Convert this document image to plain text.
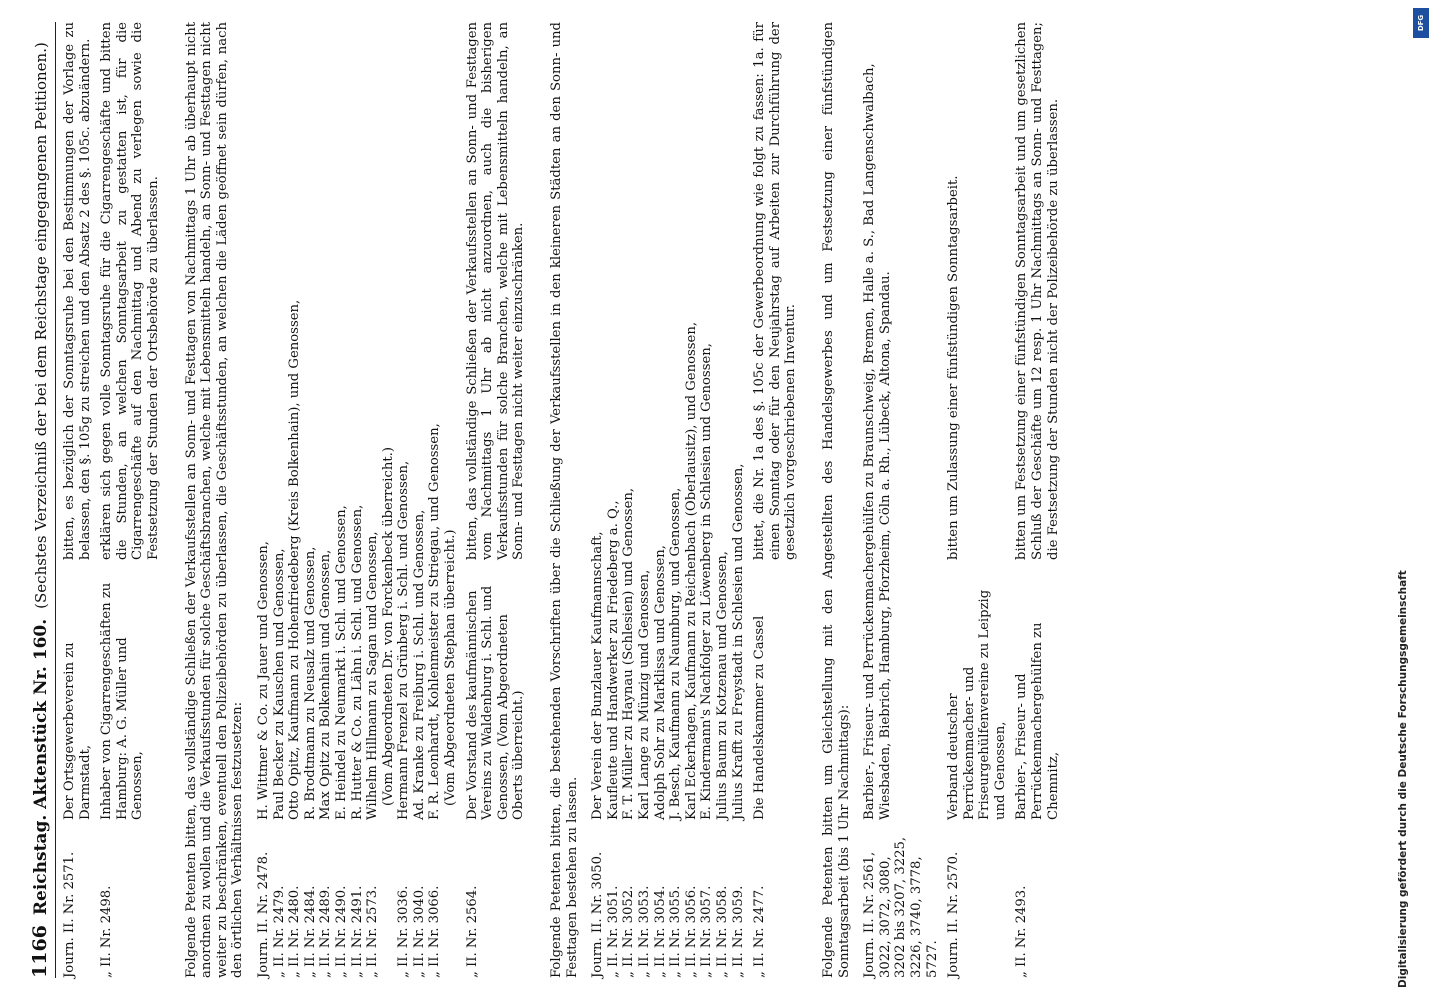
1166
Reichstag. Aktenstück Nr. 160.
(Sechstes Verzeichniß der bei dem Reichstage eingegangenen Petitionen.)
Journ. II. Nr. 2571.
Der Ortsgewerbeverein zu Darmstadt,
bitten, es bezüglich der Sonntagsruhe bei den Bestimmungen der Vorlage zu belassen, den §. 105g zu streichen und den Absatz 2 des §. 105c. abzuändern.
„ II. Nr. 2498.
Inhaber von Cigarrengeschäften zu Hamburg: A. G. Müller und Genossen,
erklären sich gegen volle Sonntagsruhe für die Cigarrengeschäfte und bitten die Stunden, an welchen Sonntagsarbeit zu gestatten ist, für die Cigarrengeschäfte auf den Nachmittag und Abend zu verlegen sowie die Festsetzung der Stunden der Ortsbehörde zu überlassen. Folgende Petenten bitten, das vollständige Schließen der Verkaufsstellen an Sonn- und Festtagen von Nachmittags 1 Uhr ab überhaupt nicht anordnen zu wollen und die Verkaufsstunden für solche Geschäftsbranchen, welche mit Lebensmitteln handeln, an Sonn- und Festtagen nicht weiter zu beschränken, eventuell den Polizeibehörden zu überlassen, die Geschäftsstunden, an welchen die Läden geöffnet sein dürfen, nach den örtlichen Verhältnissen festzusetzen: Journ. II. Nr. 2478.
H. Wittmer & Co. zu Jauer und Genossen,
„ II. Nr. 2479.
Paul Becker zu Kauschen und Genossen,
„ II. Nr. 2480.
Otto Opitz, Kaufmann zu Hohenfriedeberg (Kreis Bolkenhain), und Genossen,
„ II. Nr. 2484.
R. Brodtmann zu Neusalz und Genossen,
„ II. Nr. 2489.
Max Opitz zu Bolkenhain und Genossen,
„ II. Nr. 2490.
E. Heindel zu Neumarkt i. Schl. und Genossen,
„ II. Nr. 2491.
R. Hutter & Co. zu Lähn i. Schl. und Genossen,
„ II. Nr. 2573.
Wilhelm Hillmann zu Sagan und Genossen, (Vom Abgeordneten Dr. von Forckenbeck überreicht.)
„ II. Nr. 3036.
Hermann Frenzel zu Grünberg i. Schl. und Genossen,
„ II. Nr. 3040.
Ad. Kranke zu Freiburg i. Schl. und Genossen,
„ II. Nr. 3066.
F. R. Leonhardt, Kohlenmeister zu Striegau, und Genossen, (Vom Abgeordneten Stephan überreicht.)
„ II. Nr. 2564.
Der Vorstand des kaufmännischen Vereins zu Waldenburg i. Schl. und Genossen, (Vom Abgeordneten Oberts überreicht.)
bitten, das vollständige Schließen der Verkaufsstellen an Sonn- und Festtagen vom Nachmittags 1 Uhr ab nicht anzuordnen, auch die bisherigen Verkaufsstunden für solche Branchen, welche mit Lebensmitteln handeln, an Sonn- und Festtagen nicht weiter einzuschränken. Folgende Petenten bitten, die bestehenden Vorschriften über die Schließung der Verkaufsstellen in den kleineren Städten an den Sonn- und Festtagen bestehen zu lassen. Journ. II. Nr. 3050.
Der Verein der Bunzlauer Kaufmannschaft,
„ II. Nr. 3051.
Kaufleute und Handwerker zu Friedeberg a. Q.,
„ II. Nr. 3052.
F. T. Müller zu Haynau (Schlesien) und Genossen,
„ II. Nr. 3053.
Karl Lange zu Münzig und Genossen,
„ II. Nr. 3054.
Adolph Sohr zu Marklissa und Genossen,
„ II. Nr. 3055.
J. Besch, Kaufmann zu Naumburg, und Genossen,
„ II. Nr. 3056.
Karl Eckerhagen, Kaufmann zu Reichenbach (Oberlausitz), und Genossen,
„ II. Nr. 3057.
E. Kindermann's Nachfolger zu Löwenberg in Schlesien und Genossen,
„ II. Nr. 3058.
Julius Baum zu Kotzenau und Genossen,
„ II. Nr. 3059.
Julius Krafft zu Freystadt in Schlesien und Genossen,
„ II. Nr. 2477.
Die Handelskammer zu Cassel
bittet, die Nr. 1a des §. 105c der Gewerbeordnung wie folgt zu fassen: 1a. für einen Sonntag oder für den Neujahrstag auf Arbeiten zur Durchführung der gesetzlich vorgeschriebenen Inventur. Folgende Petenten bitten um Gleichstellung mit den Angestellten des Handelsgewerbes und um Festsetzung einer fünfstündigen Sonntagsarbeit (bis 1 Uhr Nachmittags): Journ. II. Nr. 2561, 3022, 3072, 3080, 3202 bis 3207, 3225, 3226, 3740, 3778, 5727.
Barbier-, Friseur- und Perrückenmachergehülfen zu Braunschweig, Bremen, Halle a. S., Bad Langenschwalbach, Wiesbaden, Biebrich, Hamburg, Pforzheim, Cöln a. Rh., Lübeck, Altona, Spandau.
Journ. II. Nr. 2570.
Verband deutscher Perrückenmacher- und Friseurgehülfenvereine zu Leipzig und Genossen,
bitten um Zulassung einer fünfstündigen Sonntagsarbeit.
„ II. Nr. 2493.
Barbier-, Friseur- und Perrückenmachergehülfen zu Chemnitz,
bitten um Festsetzung einer fünfstündigen Sonntagsarbeit und um gesetzlichen Schluß der Geschäfte um 12 resp. 1 Uhr Nachmittags an Sonn- und Festtagen; die Festsetzung der Stunden nicht der Polizeibehörde zu überlassen.
Digitalisierung gefördert durch die Deutsche Forschungsgemeinschaft
DFG
